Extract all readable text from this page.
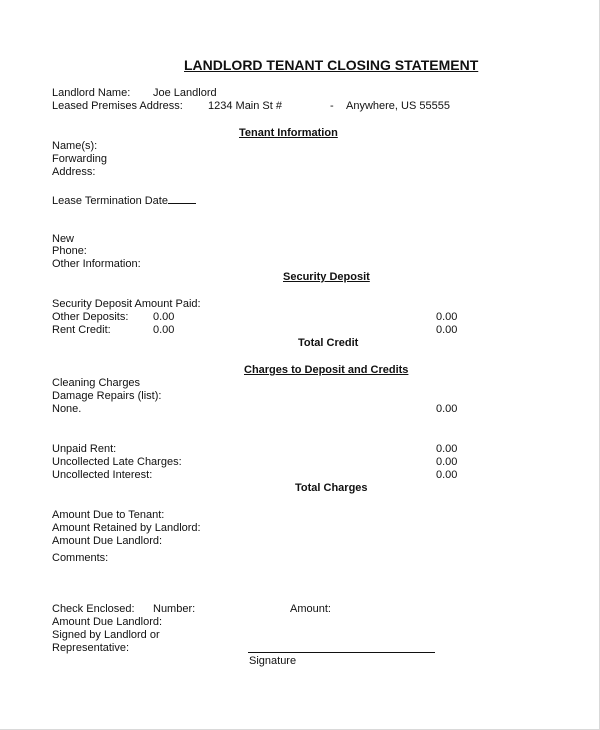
LANDLORD TENANT CLOSING STATEMENT
Landlord Name: Joe Landlord
Leased Premises Address: 1234 Main St #	- Anywhere, US 55555
Tenant Information
Name(s):
Forwarding
Address:
Lease Termination Date
New
Phone:
Other Information:
Security Deposit
Security Deposit Amount Paid:
Other Deposits: 0.00	0.00
Rent Credit:	0.00	0.00
Total Credit
Charges to Deposit and Credits
Cleaning Charges
Damage Repairs (list):
None.	0.00
Unpaid Rent:	0.00
Uncollected Late Charges:	0.00
Uncollected Interest:	0.00
Total Charges
Amount Due to Tenant:
Amount Retained by Landlord:
Amount Due Landlord:
Comments:
Check Enclosed: Number:	Amount:
Amount Due Landlord:
Signed by Landlord or
Representative:
Signature
